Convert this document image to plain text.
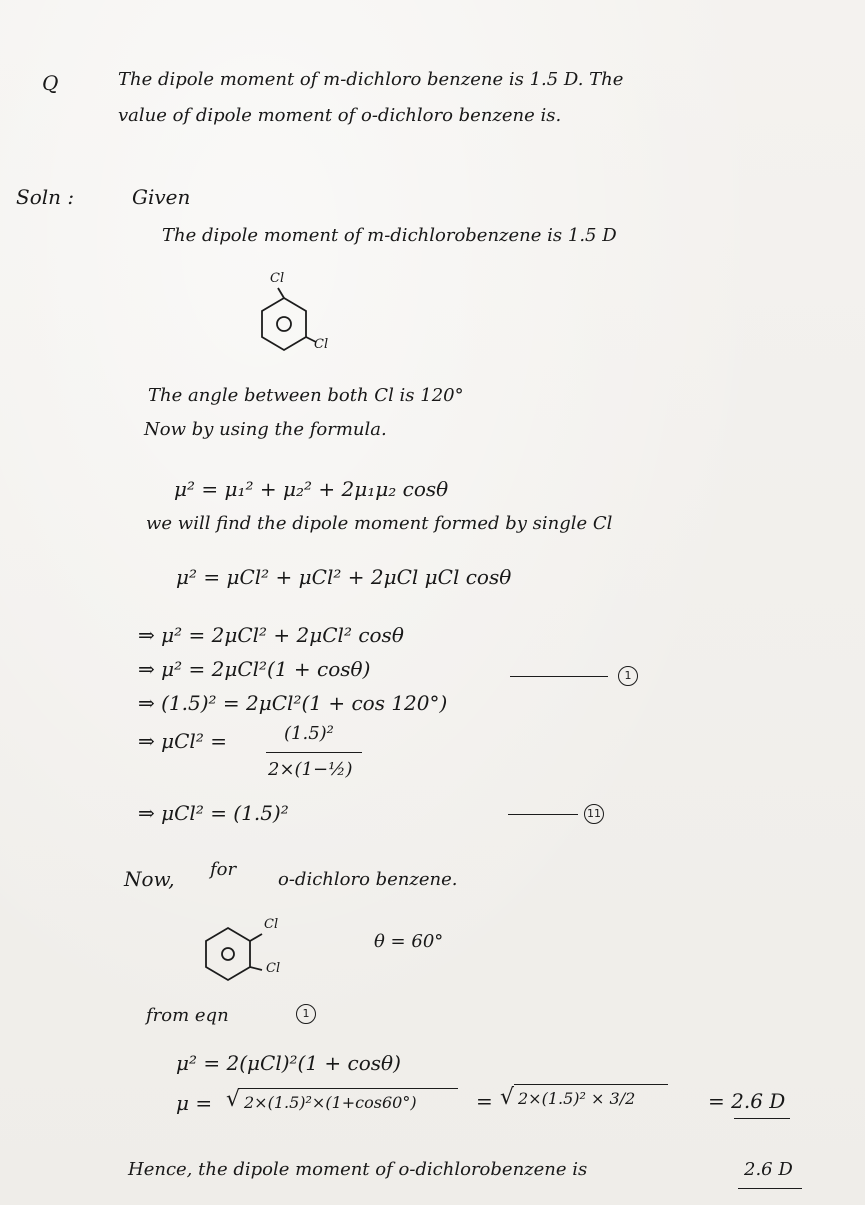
Q	The dipole moment of m-dichloro benzene is 1.5 D. The
value of dipole moment of o-dichloro benzene is.
Soln :	Given
The dipole moment of m-dichlorobenzene is 1.5 D
Cl
Cl
The angle between both Cl is 120°
Now by using the formula.
μ² = μ₁² + μ₂² + 2μ₁μ₂ cosθ
we will find the dipole moment formed by single Cl
μ² = μCl² + μCl² + 2μCl μCl cosθ
⇒ μ² = 2μCl² + 2μCl² cosθ
⇒ μ² = 2μCl²(1 + cosθ)	1
⇒ (1.5)² = 2μCl²(1 + cos 120°)
⇒ μCl² =	(1.5)²
2×(1−½)
⇒ μCl² = (1.5)²	11
Now, for o-dichloro benzene.
Cl
Cl
θ = 60°
from eqn	1
μ² = 2(μCl)²(1 + cosθ)
μ = √ 2×(1.5)²×(1+cos60°)	= √ 2×(1.5)² × 3/2	= 2.6 D
Hence, the dipole moment of o-dichlorobenzene is	2.6 D
